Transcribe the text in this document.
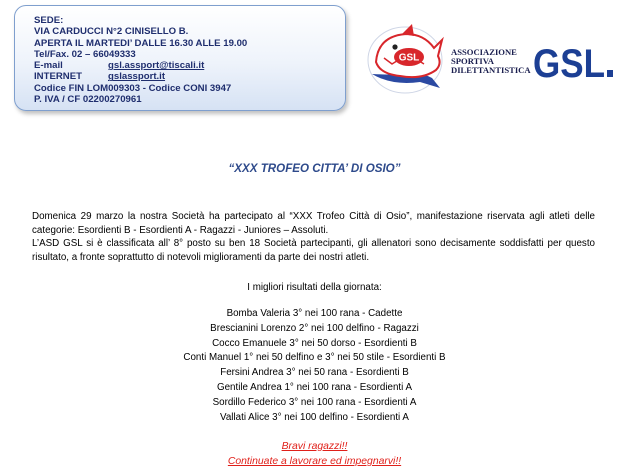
SEDE:
VIA CARDUCCI N°2 CINISELLO B.
APERTA IL MARTEDI’ DALLE 16.30 ALLE 19.00
Tel/Fax. 02 – 66049333
E-mail	gsl.assport@tiscali.it
INTERNET	gslassport.it
Codice FIN LOM009303 - Codice CONI 3947
P. IVA / CF 02200270961
GSL
ASSOCIAZIONE
SPORTIVA
DILETTANTISTICA GSL
“XXX TROFEO CITTA’ DI OSIO”

Domenica 29 marzo la nostra Società ha partecipato al “XXX Trofeo Città di Osio”, manifestazione riservata agli atleti delle categorie: Esordienti B - Esordienti A - Ragazzi - Juniores – Assoluti.

L’ASD GSL si è classificata all’ 8° posto su ben 18 Società partecipanti, gli allenatori sono decisamente soddisfatti per questo risultato, a fronte soprattutto di notevoli miglioramenti da parte dei nostri atleti.

I migliori risultati della giornata:
Bomba Valeria 3° nei 100 rana - Cadette
Brescianini Lorenzo 2° nei 100 delfino - Ragazzi
Cocco Emanuele 3° nei 50 dorso - Esordienti B
Conti Manuel 1° nei 50 delfino e 3° nei 50 stile - Esordienti B
Fersini Andrea 3° nei 50 rana - Esordienti B
Gentile Andrea 1° nei 100 rana - Esordienti A
Sordillo Federico 3° nei 100 rana - Esordienti A
Vallati Alice 3° nei 100 delfino - Esordienti A
Bravi ragazzi!!
Continuate a lavorare ed impegnarvi!!
